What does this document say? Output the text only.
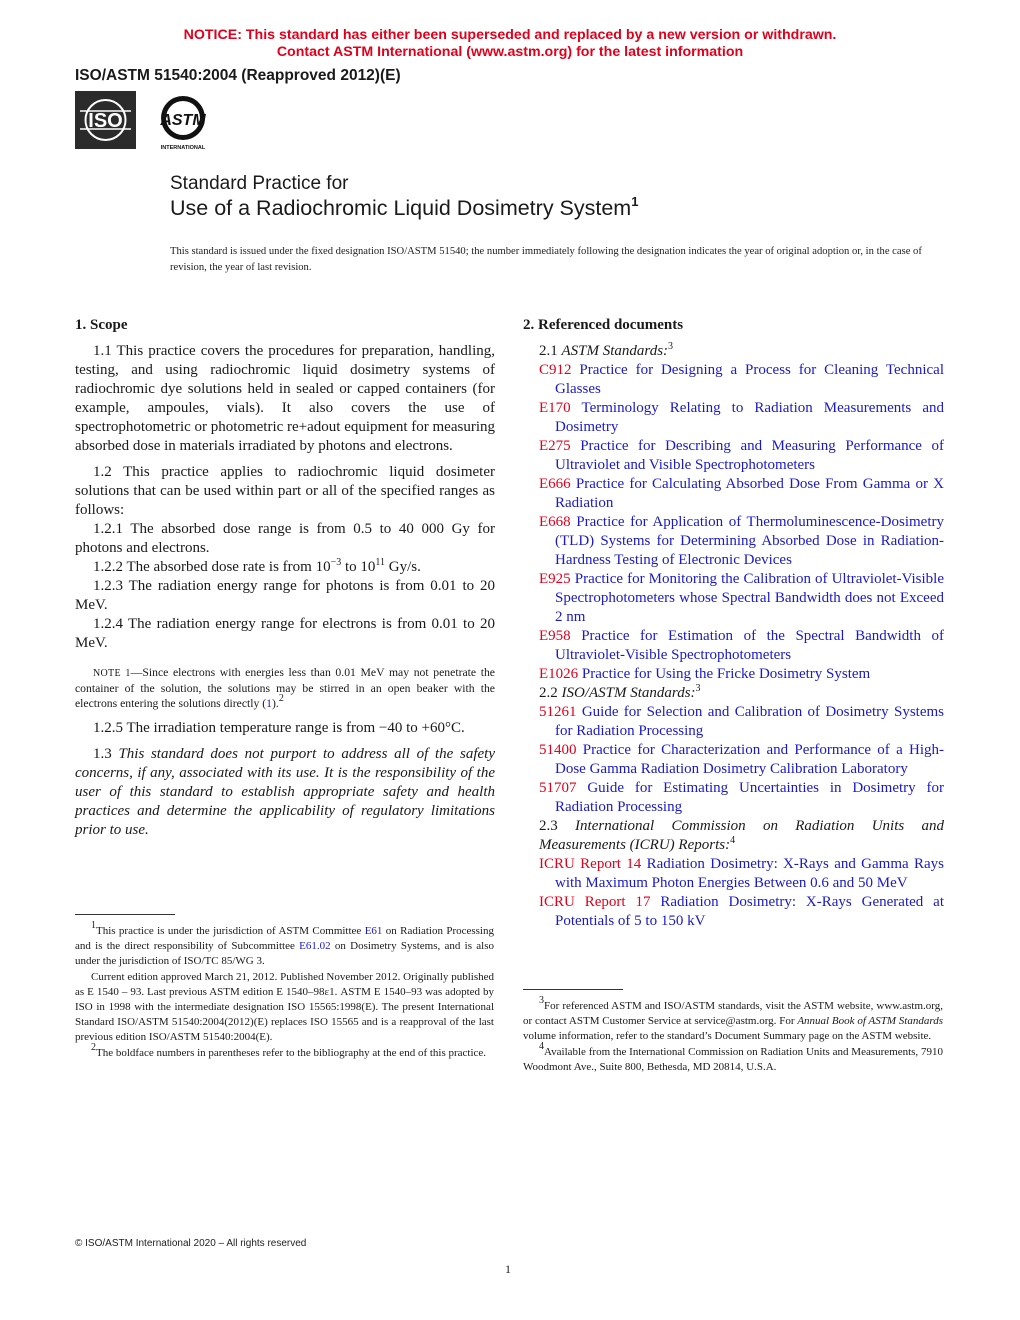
NOTICE: This standard has either been superseded and replaced by a new version or withdrawn.
Contact ASTM International (www.astm.org) for the latest information
ISO/ASTM 51540:2004 (Reapproved 2012)(E)
ISO ASTM
INTERNATIONAL
Standard Practice for
Use of a Radiochromic Liquid Dosimetry System$^1$
This standard is issued under the fixed designation ISO/ASTM 51540; the number immediately following the designation indicates the year of original adoption or, in the case of revision, the year of last revision.
1. Scope

1.1 This practice covers the procedures for preparation, handling, testing, and using radiochromic liquid dosimetry systems of radiochromic dye solutions held in sealed or capped containers (for example, ampoules, vials). It also covers the use of spectrophotometric or photometric re+adout equipment for measuring absorbed dose in materials irradiated by photons and electrons.

1.2 This practice applies to radiochromic liquid dosimeter solutions that can be used within part or all of the specified ranges as follows:

1.2.1 The absorbed dose range is from 0.5 to 40 000 Gy for photons and electrons.

1.2.2 The absorbed dose rate is from $10^{-3}$ to $10^{11}$ Gy/s.

1.2.3 The radiation energy range for photons is from 0.01 to 20 MeV.

1.2.4 The radiation energy range for electrons is from 0.01 to 20 MeV.

NOTE 1—Since electrons with energies less than 0.01 MeV may not penetrate the container of the solution, the solutions may be stirred in an open beaker with the electrons entering the solutions directly (1).$^2$

1.2.5 The irradiation temperature range is from −40 to +60°C.

1.3 This standard does not purport to address all of the safety concerns, if any, associated with its use. It is the responsibility of the user of this standard to establish appropriate safety and health practices and determine the applicability of regulatory limitations prior to use.

2. Referenced documents

2.1 ASTM Standards:$^3$

C912 Practice for Designing a Process for Cleaning Technical Glasses

E170 Terminology Relating to Radiation Measurements and Dosimetry

E275 Practice for Describing and Measuring Performance of Ultraviolet and Visible Spectrophotometers

E666 Practice for Calculating Absorbed Dose From Gamma or X Radiation

E668 Practice for Application of Thermoluminescence-Dosimetry (TLD) Systems for Determining Absorbed Dose in Radiation-Hardness Testing of Electronic Devices

E925 Practice for Monitoring the Calibration of Ultraviolet-Visible Spectrophotometers whose Spectral Bandwidth does not Exceed 2 nm

E958 Practice for Estimation of the Spectral Bandwidth of Ultraviolet-Visible Spectrophotometers

E1026 Practice for Using the Fricke Dosimetry System

2.2 ISO/ASTM Standards:$^3$

51261 Guide for Selection and Calibration of Dosimetry Systems for Radiation Processing

51400 Practice for Characterization and Performance of a High-Dose Gamma Radiation Dosimetry Calibration Laboratory

51707 Guide for Estimating Uncertainties in Dosimetry for Radiation Processing

2.3 International Commission on Radiation Units and Measurements (ICRU) Reports:$^4$

ICRU Report 14 Radiation Dosimetry: X-Rays and Gamma Rays with Maximum Photon Energies Between 0.6 and 50 MeV

ICRU Report 17 Radiation Dosimetry: X-Rays Generated at Potentials of 5 to 150 kV

$^1$This practice is under the jurisdiction of ASTM Committee E61 on Radiation Processing and is the direct responsibility of Subcommittee E61.02 on Dosimetry Systems, and is also under the jurisdiction of ISO/TC 85/WG 3.

Current edition approved March 21, 2012. Published November 2012. Originally published as E 1540 – 93. Last previous ASTM edition E 1540–98ε1. ASTM E 1540–93 was adopted by ISO in 1998 with the intermediate designation ISO 15565:1998(E). The present International Standard ISO/ASTM 51540:2004(2012)(E) replaces ISO 15565 and is a reapproval of the last previous edition ISO/ASTM 51540:2004(E).

$^2$The boldface numbers in parentheses refer to the bibliography at the end of this practice.

$^3$For referenced ASTM and ISO/ASTM standards, visit the ASTM website, www.astm.org, or contact ASTM Customer Service at service@astm.org. For Annual Book of ASTM Standards volume information, refer to the standard’s Document Summary page on the ASTM website.

$^4$Available from the International Commission on Radiation Units and Measurements, 7910 Woodmont Ave., Suite 800, Bethesda, MD 20814, U.S.A.

© ISO/ASTM International 2020 – All rights reserved
1
